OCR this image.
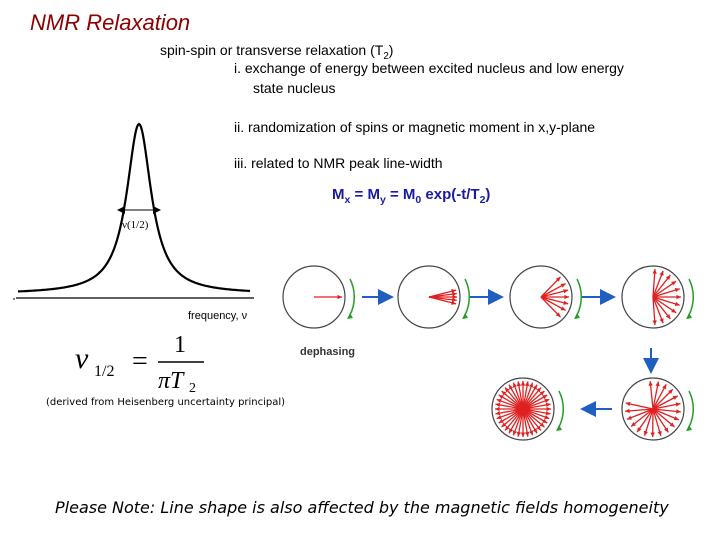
NMR Relaxation
spin-spin or transverse relaxation $(T_2)$
i. exchange of energy between excited nucleus and low energy
state nucleus
ii. randomization of spins or magnetic moment in x,y-plane
iii. related to NMR peak line-width
$M_x = M_y = M_0$ $\exp(-t/T_2)$
ν(1/2)
frequency, ν
ν 1/2 =
1
πT 2
dephasing
(derived from Heisenberg uncertainty principal)
Please Note: Line shape is also affected by the magnetic fields homogeneity
